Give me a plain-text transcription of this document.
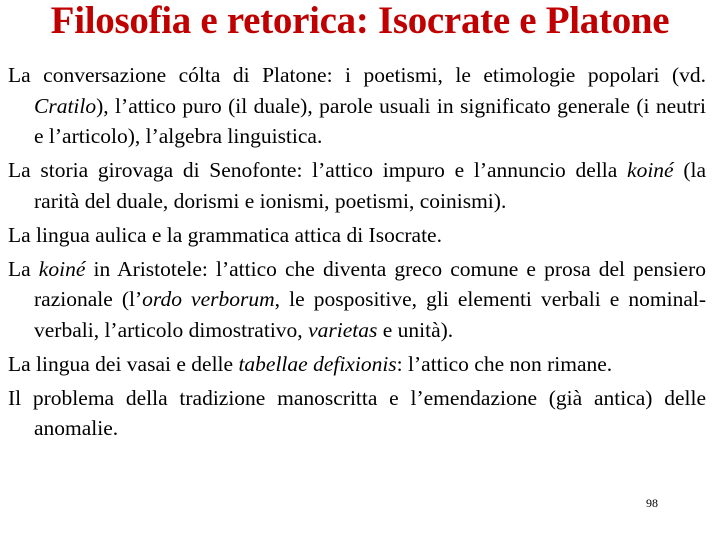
Filosofia e retorica: Isocrate e Platone

La conversazione cólta di Platone: i poetismi, le etimologie popolari (vd. Cratilo), l’attico puro (il duale), parole usuali in significato generale (i neutri e l’articolo), l’algebra linguistica.

La storia girovaga di Senofonte: l’attico impuro e l’annuncio della koiné (la rarità del duale, dorismi e ionismi, poetismi, coinismi).

La lingua aulica e la grammatica attica di Isocrate.

La koiné in Aristotele: l’attico che diventa greco comune e prosa del pensiero razionale (l’ordo verborum, le pospositive, gli elementi verbali e nominal-verbali, l’articolo dimostrativo, varietas e unità).

La lingua dei vasai e delle tabellae defixionis: l’attico che non rimane.

Il problema della tradizione manoscritta e l’emendazione (già antica) delle anomalie.

98
